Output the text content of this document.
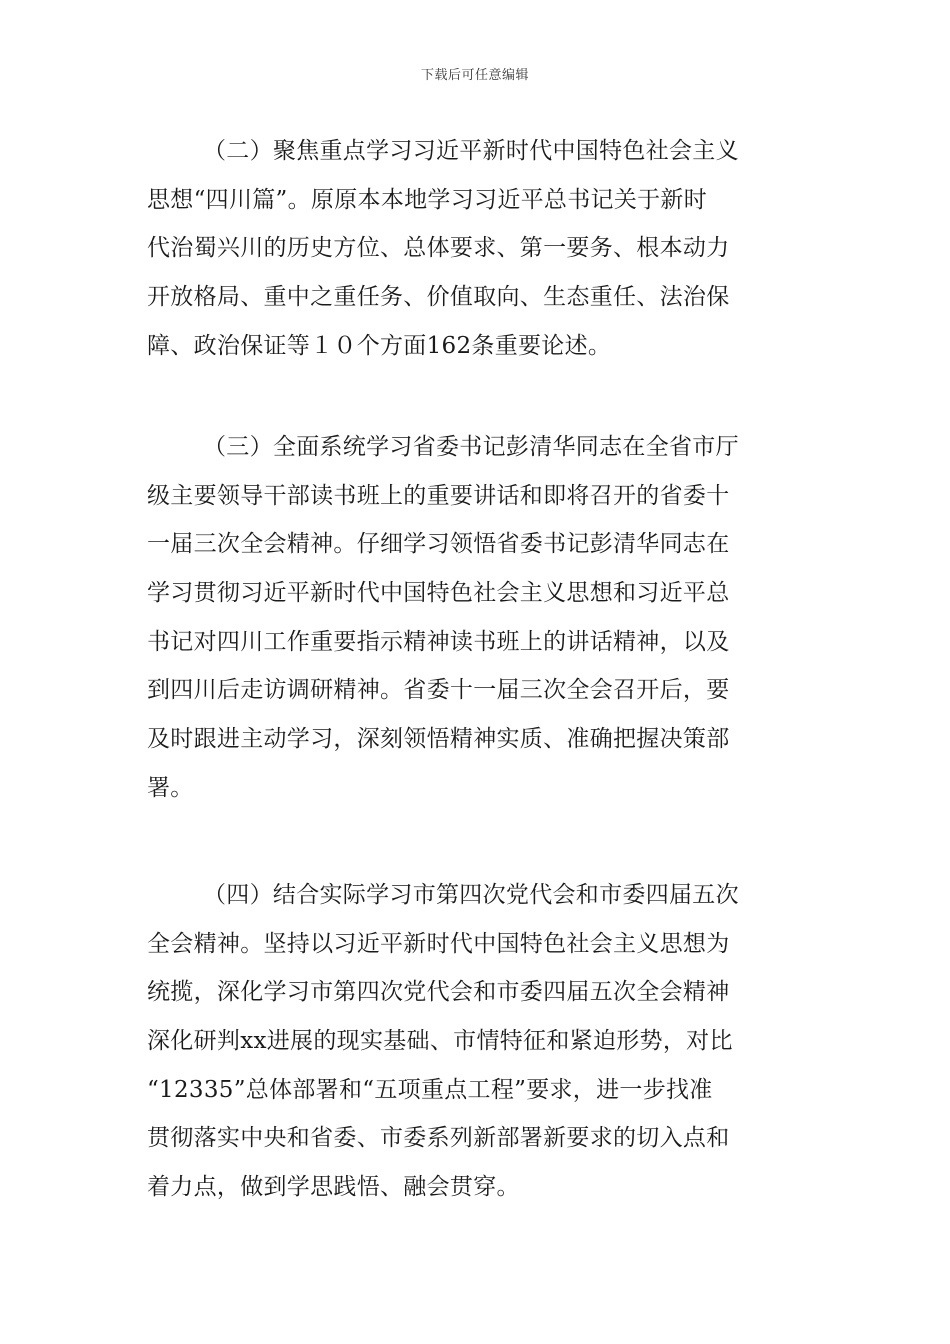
下载后可任意编辑
（二）聚焦重点学习习近平新时代中国特色社会主义
思想“四川篇”。原原本本地学习习近平总书记关于新时
代治蜀兴川的历史方位、总体要求、第一要务、根本动力
开放格局、重中之重任务、价值取向、生态重任、法治保
障、政治保证等１０个方面162条重要论述。
（三）全面系统学习省委书记彭清华同志在全省市厅
级主要领导干部读书班上的重要讲话和即将召开的省委十
一届三次全会精神。仔细学习领悟省委书记彭清华同志在
学习贯彻习近平新时代中国特色社会主义思想和习近平总
书记对四川工作重要指示精神读书班上的讲话精神，以及
到四川后走访调研精神。省委十一届三次全会召开后，要
及时跟进主动学习，深刻领悟精神实质、准确把握决策部
署。
（四）结合实际学习市第四次党代会和市委四届五次
全会精神。坚持以习近平新时代中国特色社会主义思想为
统揽，深化学习市第四次党代会和市委四届五次全会精神
深化研判xx进展的现实基础、市情特征和紧迫形势，对比
“12335”总体部署和“五项重点工程”要求，进一步找准
贯彻落实中央和省委、市委系列新部署新要求的切入点和
着力点，做到学思践悟、融会贯穿。
